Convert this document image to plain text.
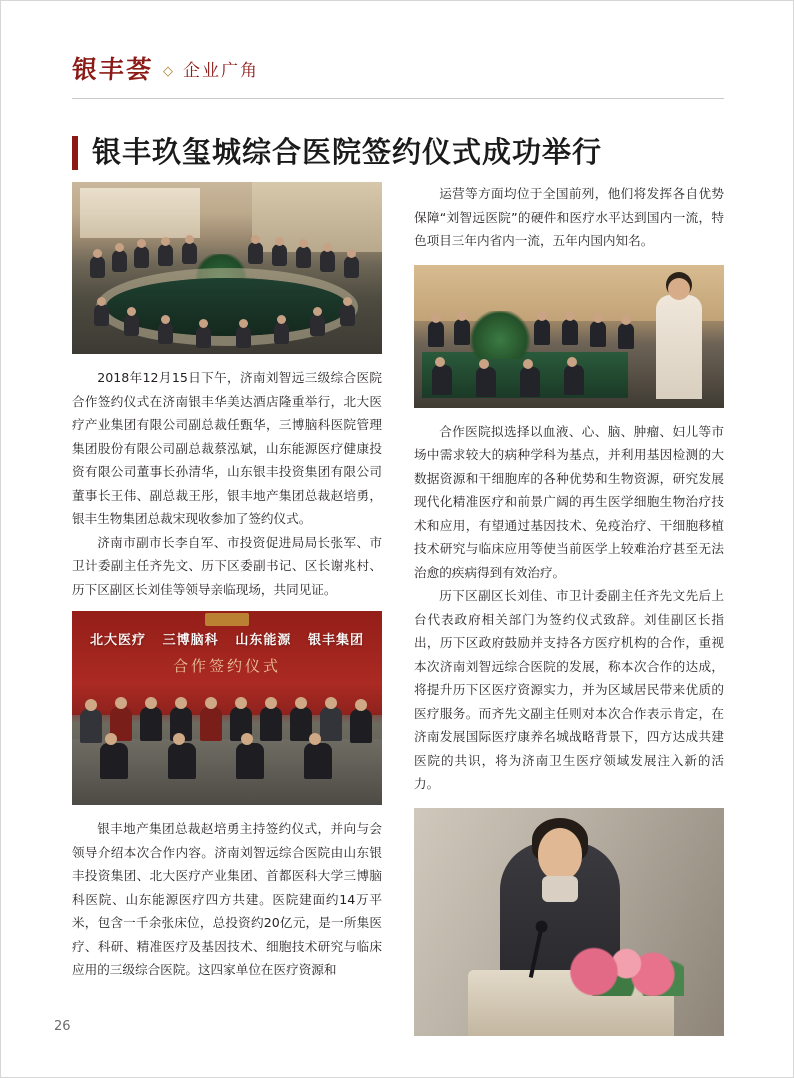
银丰荟 ◇ 企业广角
银丰玖玺城综合医院签约仪式成功举行

2018年12月15日下午，济南刘智远三级综合医院合作签约仪式在济南银丰华美达酒店隆重举行，北大医疗产业集团有限公司副总裁任甄华，三博脑科医院管理集团股份有限公司副总裁蔡泓斌，山东能源医疗健康投资有限公司董事长孙清华，山东银丰投资集团有限公司董事长王伟、副总裁王彤，银丰地产集团总裁赵培勇，银丰生物集团总裁宋现收参加了签约仪式。

济南市副市长李自军、市投资促进局局长张军、市卫计委副主任齐先文、历下区委副书记、区长谢兆村、历下区副区长刘佳等领导亲临现场，共同见证。

北大医疗 三博脑科 山东能源 银丰集团
合作签约仪式

银丰地产集团总裁赵培勇主持签约仪式，并向与会领导介绍本次合作内容。济南刘智远综合医院由山东银丰投资集团、北大医疗产业集团、首都医科大学三博脑科医院、山东能源医疗四方共建。医院建面约14万平米，包含一千余张床位，总投资约20亿元，是一所集医疗、科研、精准医疗及基因技术、细胞技术研究与临床应用的三级综合医院。这四家单位在医疗资源和

运营等方面均位于全国前列，他们将发挥各自优势保障“刘智远医院”的硬件和医疗水平达到国内一流，特色项目三年内省内一流，五年内国内知名。

合作医院拟选择以血液、心、脑、肿瘤、妇儿等市场中需求较大的病种学科为基点，并利用基因检测的大数据资源和干细胞库的各种优势和生物资源，研究发展现代化精准医疗和前景广阔的再生医学细胞生物治疗技术和应用，有望通过基因技术、免疫治疗、干细胞移植技术研究与临床应用等使当前医学上较难治疗甚至无法治愈的疾病得到有效治疗。

历下区副区长刘佳、市卫计委副主任齐先文先后上台代表政府相关部门为签约仪式致辞。刘佳副区长指出，历下区政府鼓励并支持各方医疗机构的合作，重视本次济南刘智远综合医院的发展，称本次合作的达成，将提升历下区医疗资源实力，并为区域居民带来优质的医疗服务。而齐先文副主任则对本次合作表示肯定，在济南发展国际医疗康养名城战略背景下，四方达成共建医院的共识，将为济南卫生医疗领域发展注入新的活力。

26
